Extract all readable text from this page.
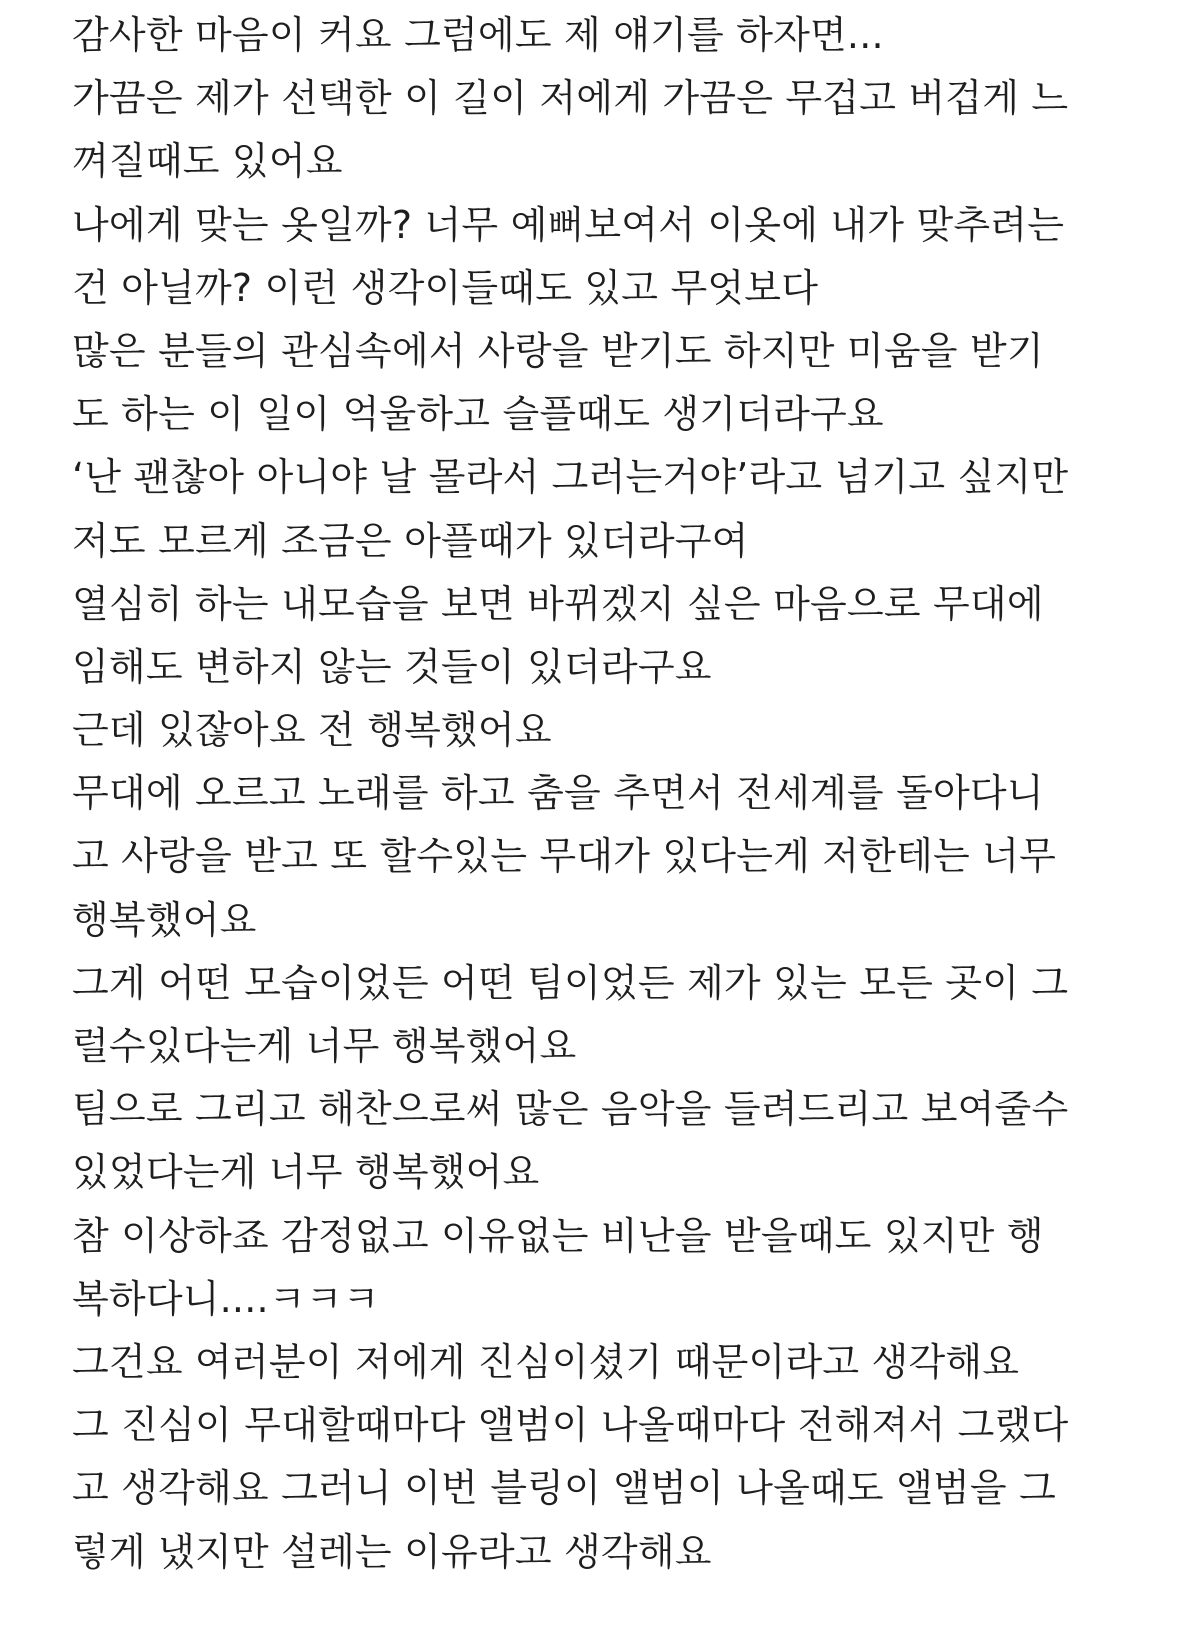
감사한 마음이 커요 그럼에도 제 얘기를 하자면...
가끔은 제가 선택한 이 길이 저에게 가끔은 무겁고 버겁게 느
껴질때도 있어요
나에게 맞는 옷일까? 너무 예뻐보여서 이옷에 내가 맞추려는
건 아닐까? 이런 생각이들때도 있고 무엇보다
많은 분들의 관심속에서 사랑을 받기도 하지만 미움을 받기
도 하는 이 일이 억울하고 슬플때도 생기더라구요
‘난 괜찮아 아니야 날 몰라서 그러는거야’라고 넘기고 싶지만
저도 모르게 조금은 아플때가 있더라구여
열심히 하는 내모습을 보면 바뀌겠지 싶은 마음으로 무대에
임해도 변하지 않는 것들이 있더라구요
근데 있잖아요 전 행복했어요
무대에 오르고 노래를 하고 춤을 추면서 전세계를 돌아다니
고 사랑을 받고 또 할수있는 무대가 있다는게 저한테는 너무
행복했어요
그게 어떤 모습이었든 어떤 팀이었든 제가 있는 모든 곳이 그
럴수있다는게 너무 행복했어요
팀으로 그리고 해찬으로써 많은 음악을 들려드리고 보여줄수
있었다는게 너무 행복했어요
참 이상하죠 감정없고 이유없는 비난을 받을때도 있지만 행
복하다니....ㅋㅋㅋ
그건요 여러분이 저에게 진심이셨기 때문이라고 생각해요
그 진심이 무대할때마다 앨범이 나올때마다 전해져서 그랬다
고 생각해요 그러니 이번 블링이 앨범이 나올때도 앨범을 그
렇게 냈지만 설레는 이유라고 생각해요
